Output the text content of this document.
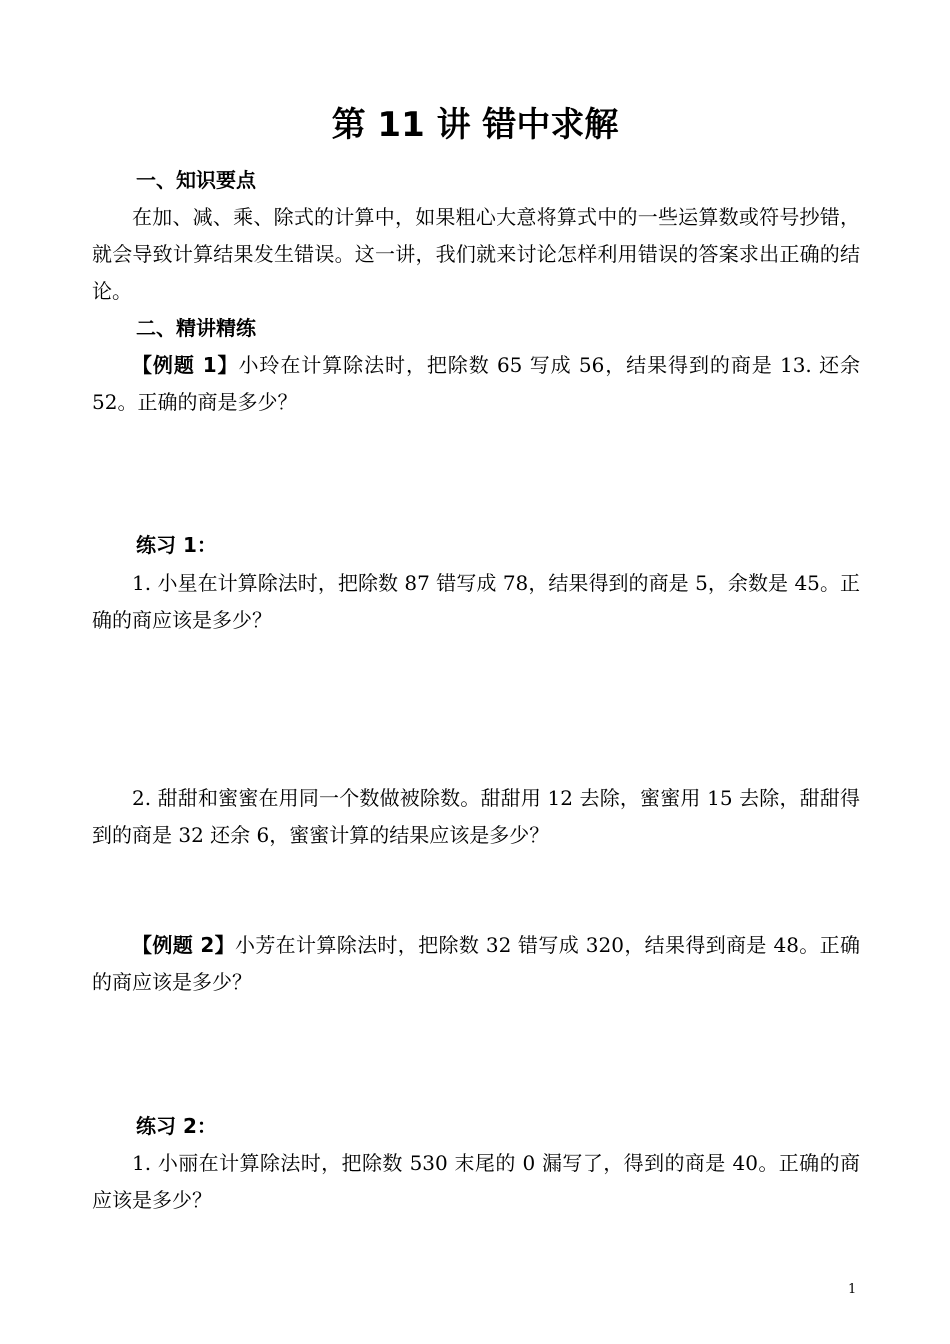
第 11 讲 错中求解
一、知识要点
在加、减、乘、除式的计算中，如果粗心大意将算式中的一些运算数或符号抄错，就会导致计算结果发生错误。这一讲，我们就来讨论怎样利用错误的答案求出正确的结论。
二、精讲精练
【例题 1】小玲在计算除法时，把除数 65 写成 56，结果得到的商是 13. 还余 52。正确的商是多少？
练习 1：
1. 小星在计算除法时，把除数 87 错写成 78，结果得到的商是 5，余数是 45。正确的商应该是多少？
2. 甜甜和蜜蜜在用同一个数做被除数。甜甜用 12 去除，蜜蜜用 15 去除，甜甜得到的商是 32 还余 6，蜜蜜计算的结果应该是多少？
【例题 2】小芳在计算除法时，把除数 32 错写成 320，结果得到商是 48。正确的商应该是多少？
练习 2：
1. 小丽在计算除法时，把除数 530 末尾的 0 漏写了，得到的商是 40。正确的商应该是多少？
1
